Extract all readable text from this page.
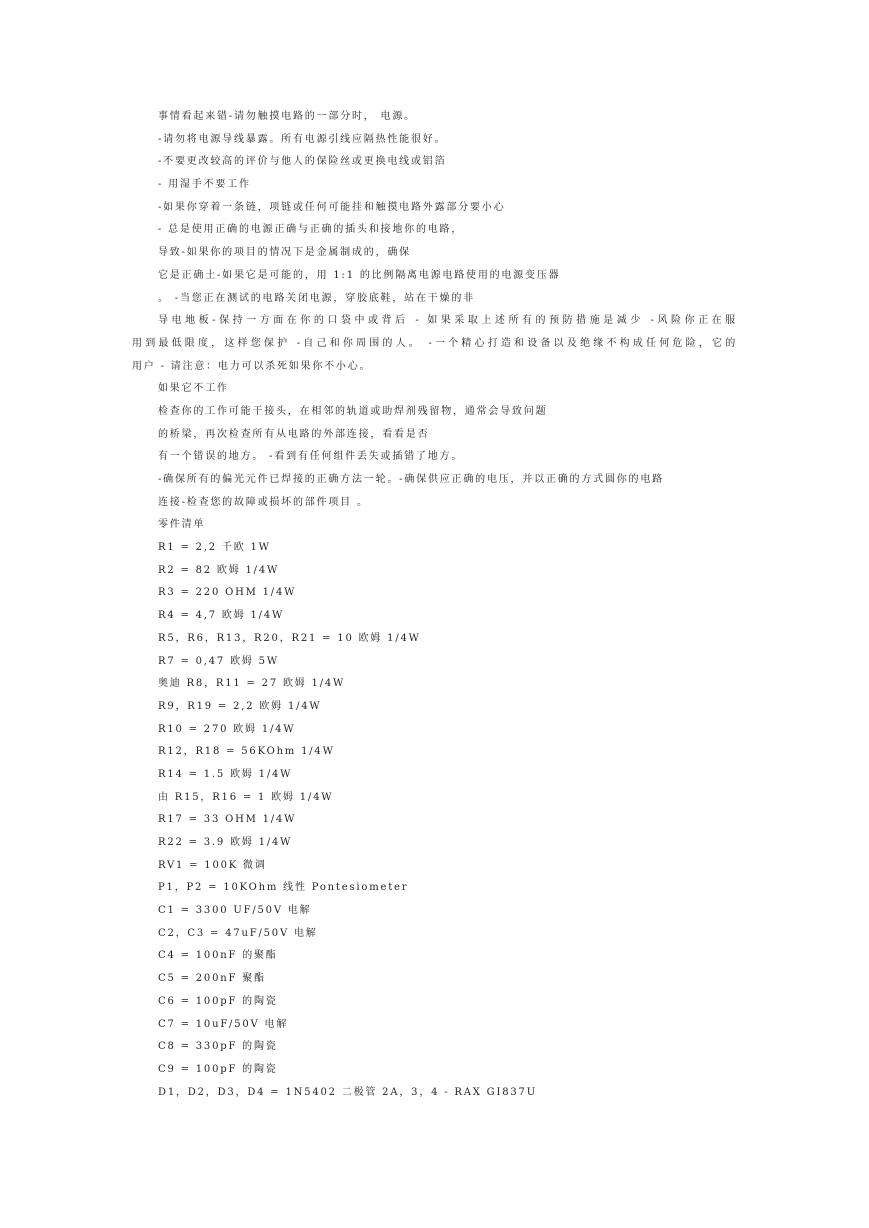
事情看起来错-请勿触摸电路的一部分时， 电源。
-请勿将电源导线暴露。所有电源引线应隔热性能很好。
-不要更改较高的评价与他人的保险丝或更换电线或铝箔
- 用湿手不要工作
-如果你穿着一条链，项链或任何可能挂和触摸电路外露部分要小心
- 总是使用正确的电源正确与正确的插头和接地你的电路，
导致-如果你的项目的情况下是金属制成的，确保
它是正确土-如果它是可能的，用 1:1 的比例隔离电源电路使用的电源变压器
。 -当您正在测试的电路关闭电源，穿胶底鞋，站在干燥的非
导电地板-保持一方面在你的口袋中或背后 - 如果采取上述所有的预防措施是减少 -风险你正在服
用到最低限度，这样您保护 -自己和你周围的人。 -一个精心打造和设备以及绝缘不构成任何危险，它的
用户 - 请注意：电力可以杀死如果你不小心。
如果它不工作
检查你的工作可能干接头，在相邻的轨道或助焊剂残留物，通常会导致问题
的桥梁，再次检查所有从电路的外部连接，看看是否
有一个错误的地方。 -看到有任何组件丢失或插错了地方。
-确保所有的偏光元件已焊接的正确方法一轮。-确保供应正确的电压，并以正确的方式圆你的电路
连接-检查您的故障或损坏的部件项目 。
零件清单
R1 = 2,2 千欧 1W
R2 = 82 欧姆 1/4W
R3 = 220 OHM 1/4W
R4 = 4,7 欧姆 1/4W
R5，R6，R13，R20，R21 = 10 欧姆 1/4W
R7 = 0,47 欧姆 5W
奥迪 R8，R11 = 27 欧姆 1/4W
R9，R19 = 2,2 欧姆 1/4W
R10 = 270 欧姆 1/4W
R12，R18 = 56KOhm 1/4W
R14 = 1.5 欧姆 1/4W
由 R15，R16 = 1 欧姆 1/4W
R17 = 33 OHM 1/4W
R22 = 3.9 欧姆 1/4W
RV1 = 100K 微调
P1，P2 = 10KOhm 线性 Pontesiometer
C1 = 3300 UF/50V 电解
C2，C3 = 47uF/50V 电解
C4 = 100nF 的聚酯
C5 = 200nF 聚酯
C6 = 100pF 的陶瓷
C7 = 10uF/50V 电解
C8 = 330pF 的陶瓷
C9 = 100pF 的陶瓷
D1，D2，D3，D4 = 1N5402 二极管 2A，3，4 - RAX GI837U
